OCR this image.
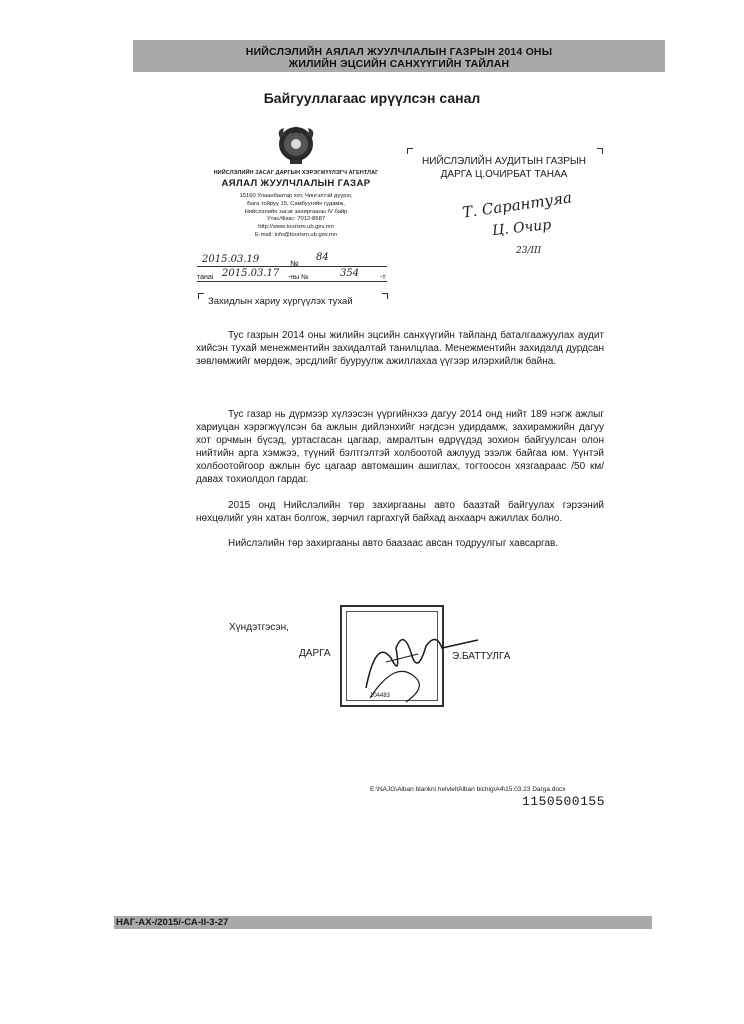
НИЙСЛЭЛИЙН АЯЛАЛ ЖУУЛЧЛАЛЫН ГАЗРЫН 2014 ОНЫ
ЖИЛИЙН ЭЦСИЙН САНХҮҮГИЙН ТАЙЛАН
Байгууллагаас ирүүлсэн санал
НИЙСЛЭЛИЙН ЗАСАГ ДАРГЫН ХЭРЭГЖҮҮЛЭГЧ АГЕНТЛАГ
АЯЛАЛ ЖУУЛЧЛАЛЫН ГАЗАР
15160 Улаанбаатар хот, Чингэлтэй дүүрэг,
Бага тойруу 15, Самбуугийн гудамж,
Нийслэлийн засаг захиргааны IV байр
Утас/Факс: 7012-8687
http://www.tourism.ub.gov.mn
E-mail: info@tourism.ub.gov.mn
2015.03.19	№
84
танаі 2015.03.17 -ны №	354	-т
НИЙСЛЭЛИЙН АУДИТЫН ГАЗРЫН
ДАРГА Ц.ОЧИРБАТ ТАНАА
Т. Сарантуяа
Ц. Очир
23/III
Захидлын хариу хүргүүлэх тухай
Тус газрын 2014 оны жилийн эцсийн санхүүгийн тайланд баталгаажуулах аудит хийсэн тухай менежментийн захидалтай танилцлаа. Менежментийн захидалд дурдсан зөвлөмжийг мөрдөж, эрсдлийг бууруулж ажиллахаа үүгээр илэрхийлж байна.
Тус газар нь дүрмээр хүлээсэн үүргийнхээ дагуу 2014 онд нийт 189 нэгж ажлыг хариуцан хэрэгжүүлсэн ба ажлын дийлэнхийг нэгдсэн удирдамж, захирамжийн дагуу хот орчмын бүсэд, уртасгасан цагаар, амралтын өдрүүдэд зохион байгуулсан олон нийтийн арга хэмжээ, түүний бэлтгэлтэй холбоотой ажлууд эзэлж байгаа юм. Үүнтэй холбоотойгоор ажлын бус цагаар автомашин ашиглах, тогтоосон хязгаараас /50 км/ давах тохиолдол гардаг.
2015 онд Нийслэлийн төр захиргааны авто баазтай байгуулах гэрээний нөхцөлийг уян хатан болгож, зөрчил гаргахгүй байхад анхаарч ажиллах болно.
Нийслэлийн төр захиргааны авто баазаас авсан тодруулгыг хавсаргав.
Хүндэтгэсэн,
ДАРГА	Э.БАТТУЛГА
104483
E:\NAJG\Alban blankni helvleltAlban bichig\A4\15.03.23 Darga.docx
1150500155
НАГ-АХ-/2015/-СА-II-3-27
